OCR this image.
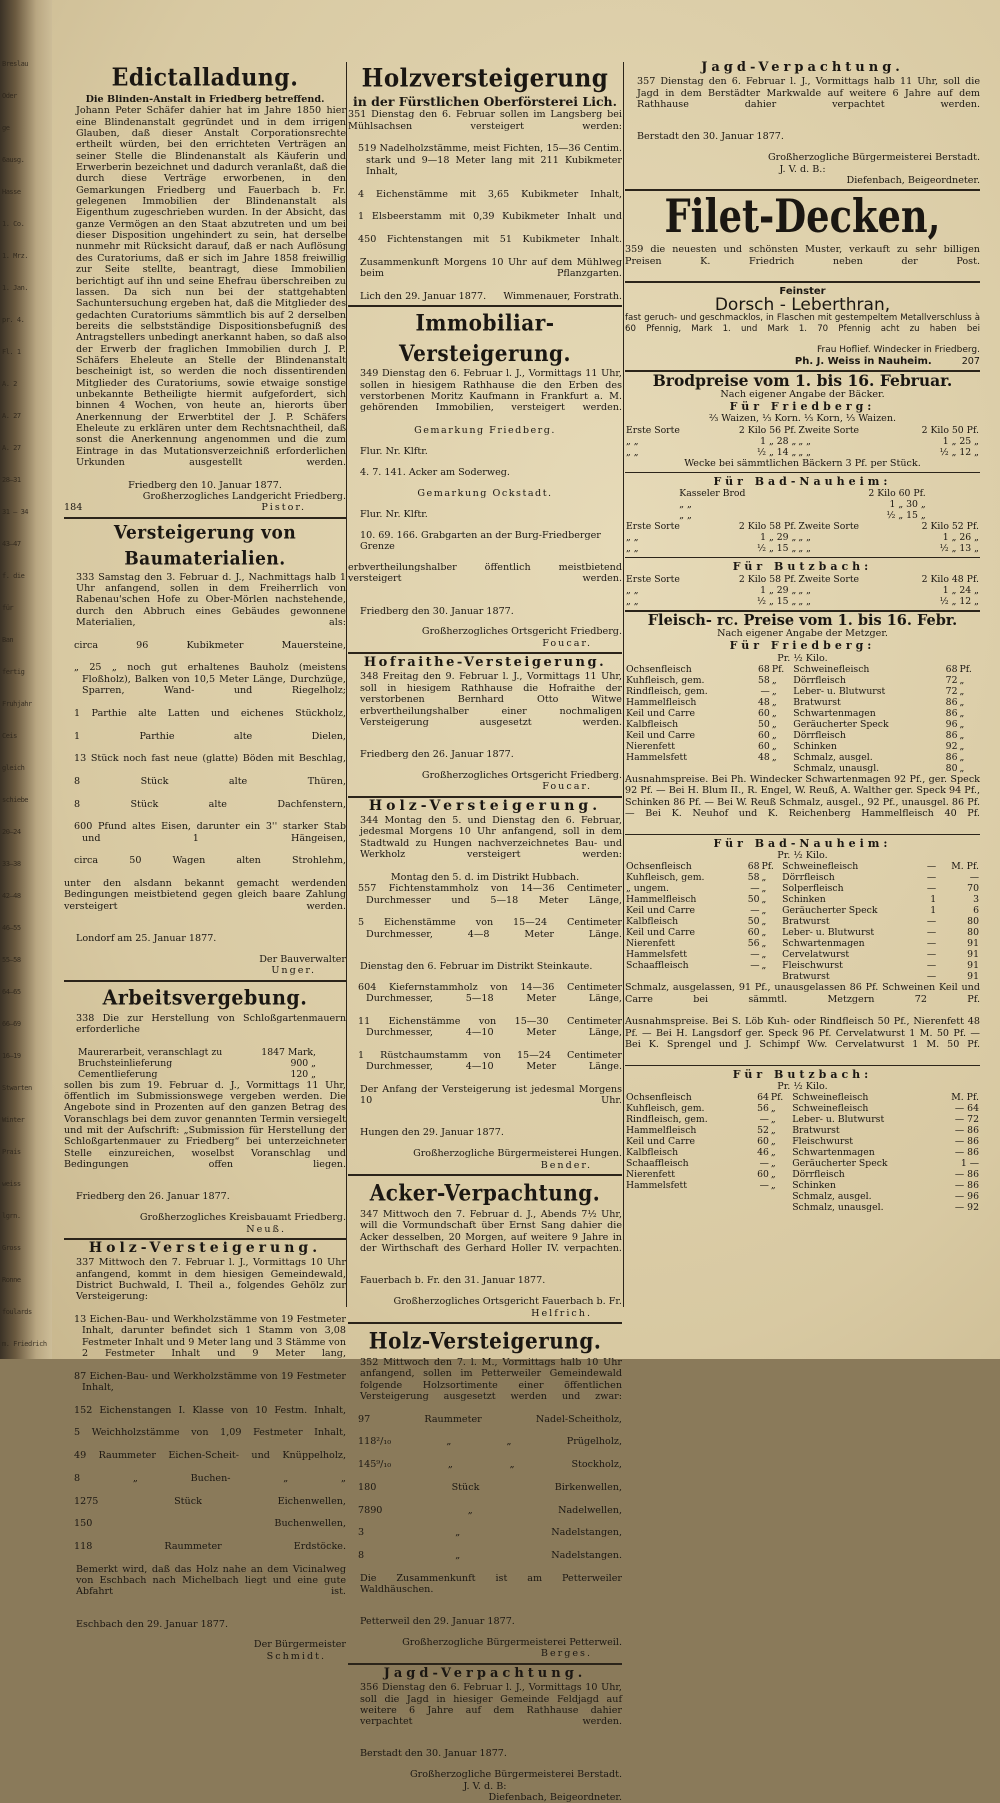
Breslau
Oder
ge
6ausg.
Hasse
1. Co.
1. Mrz.
1. Jan.
pr. 4.
Fl. 1
A. 2
A. 27
A. 27
28—31
31 — 34
43—47
f. die
für
Ban
fertig
Fruhjahr
Ceis
gleich
schiebe
20—24
33—38
42—48
46—55
55—58
64—65
66—69
16—19
Stwarten
Winter
Prais
weiss
lgrn.
Gross
Ronne
foulards
m. Friedrich
Edictalladung.

Die Blinden-Anstalt in Friedberg betreffend.

Johann Peter Schäfer dahier hat im Jahre 1850 hier eine Blindenanstalt gegründet und in dem irrigen Glauben, daß dieser Anstalt Corporationsrechte ertheilt würden, bei den errichteten Verträgen an seiner Stelle die Blindenanstalt als Käuferin und Erwerberin bezeichnet und dadurch veranlaßt, daß die durch diese Verträge erworbenen, in den Gemarkungen Friedberg und Fauerbach b. Fr. gelegenen Immobilien der Blindenanstalt als Eigenthum zugeschrieben wurden. In der Absicht, das ganze Vermögen an den Staat abzutreten und um bei dieser Disposition ungehindert zu sein, hat derselbe nunmehr mit Rücksicht darauf, daß er nach Auflösung des Curatoriums, daß er sich im Jahre 1858 freiwillig zur Seite stellte, beantragt, diese Immobilien berichtigt auf ihn und seine Ehefrau überschreiben zu lassen. Da sich nun bei der stattgehabten Sachuntersuchung ergeben hat, daß die Mitglieder des gedachten Curatoriums sämmtlich bis auf 2 derselben bereits die selbstständige Dispositionsbefugniß des Antragstellers unbedingt anerkannt haben, so daß also der Erwerb der fraglichen Immobilien durch J. P. Schäfers Eheleute an Stelle der Blindenanstalt bescheinigt ist, so werden die noch dissentirenden Mitglieder des Curatoriums, sowie etwaige sonstige unbekannte Betheiligte hiermit aufgefordert, sich binnen 4 Wochen, von heute an, hierorts über Anerkennung der Erwerbtitel der J. P. Schäfers Eheleute zu erklären unter dem Rechtsnachtheil, daß sonst die Anerkennung angenommen und die zum Eintrage in das Mutationsverzeichniß erforderlichen Urkunden ausgestellt werden.

Friedberg den 10. Januar 1877.

Großherzogliches Landgericht Friedberg.

184	Pistor.
Versteigerung von Baumaterialien.

333 Samstag den 3. Februar d. J., Nachmittags halb 1 Uhr anfangend, sollen in dem Freiherrlich von Rabenau'schen Hofe zu Ober-Mörlen nachstehende, durch den Abbruch eines Gebäudes gewonnene Materialien, als:

circa 96 Kubikmeter Mauersteine,

„ 25 „ noch gut erhaltenes Bauholz (meistens Floßholz), Balken von 10,5 Meter Länge, Durchzüge, Sparren, Wand- und Riegelholz;

1 Parthie alte Latten und eichenes Stückholz,

1 Parthie alte Dielen,

13 Stück noch fast neue (glatte) Böden mit Beschlag,

8 Stück alte Thüren,

8 Stück alte Dachfenstern,

600 Pfund altes Eisen, darunter ein 3'' starker Stab und 1 Hängeisen,

circa 50 Wagen alten Strohlehm,

unter den alsdann bekannt gemacht werdenden Bedingungen meistbietend gegen gleich baare Zahlung versteigert werden.

Londorf am 25. Januar 1877.

Der Bauverwalter

Unger.

Arbeitsvergebung.

338 Die zur Herstellung von Schloßgartenmauern erforderliche

Maurerarbeit, veranschlagt zu	1847 Mark,
Bruchsteinlieferung	900 „
Cementlieferung	120 „

sollen bis zum 19. Februar d. J., Vormittags 11 Uhr, öffentlich im Submissionswege vergeben werden. Die Angebote sind in Prozenten auf den ganzen Betrag des Voranschlags bei dem zuvor genannten Termin versiegelt und mit der Aufschrift: „Submission für Herstellung der Schloßgartenmauer zu Friedberg“ bei unterzeichneter Stelle einzureichen, woselbst Voranschlag und Bedingungen offen liegen.

Friedberg den 26. Januar 1877.

Großherzogliches Kreisbauamt Friedberg.

Neuß.

Holz-Versteigerung.

337 Mittwoch den 7. Februar l. J., Vormittags 10 Uhr anfangend, kommt in dem hiesigen Gemeindewald, District Buchwald, I. Theil a., folgendes Gehölz zur Versteigerung:

13 Eichen-Bau- und Werkholzstämme von 19 Festmeter Inhalt, darunter befindet sich 1 Stamm von 3,08 Festmeter Inhalt und 9 Meter lang und 3 Stämme von 2 Festmeter Inhalt und 9 Meter lang,

87 Eichen-Bau- und Werkholzstämme von 19 Festmeter Inhalt,

152 Eichenstangen I. Klasse von 10 Festm. Inhalt,

5 Weichholzstämme von 1,09 Festmeter Inhalt,

49 Raummeter Eichen-Scheit- und Knüppelholz,

8 „ Buchen- „ „

1275 Stück Eichenwellen,

150 Buchenwellen,

118 Raummeter Erdstöcke.

Bemerkt wird, daß das Holz nahe an dem Vicinalweg von Eschbach nach Michelbach liegt und eine gute Abfahrt ist.

Eschbach den 29. Januar 1877.

Der Bürgermeister

Schmidt.

Holzversteigerung
in der Fürstlichen Oberförsterei Lich.

351 Dienstag den 6. Februar sollen im Langsberg bei Mühlsachsen versteigert werden:

519 Nadelholzstämme, meist Fichten, 15—36 Centim. stark und 9—18 Meter lang mit 211 Kubikmeter Inhalt,

4 Eichenstämme mit 3,65 Kubikmeter Inhalt,

1 Elsbeerstamm mit 0,39 Kubikmeter Inhalt und

450 Fichtenstangen mit 51 Kubikmeter Inhalt.

Zusammenkunft Morgens 10 Uhr auf dem Mühlweg beim Pflanzgarten.

Lich den 29. Januar 1877. Wimmenauer, Forstrath.
Immobiliar-Versteigerung.

349 Dienstag den 6. Februar l. J., Vormittags 11 Uhr, sollen in hiesigem Rathhause die den Erben des verstorbenen Moritz Kaufmann in Frankfurt a. M. gehörenden Immobilien, versteigert werden.

Gemarkung Friedberg.

Flur. Nr. Klftr.

4. 7. 141. Acker am Soderweg.

Gemarkung Ockstadt.

Flur. Nr. Klftr.

10. 69. 166. Grabgarten an der Burg-Friedberger Grenze

erbvertheilungshalber öffentlich meistbietend versteigert werden.

Friedberg den 30. Januar 1877.

Großherzogliches Ortsgericht Friedberg.

Foucar.

Hofraithe-Versteigerung.

348 Freitag den 9. Februar l. J., Vormittags 11 Uhr, soll in hiesigem Rathhause die Hofraithe der verstorbenen Bernhard Otto Witwe erbvertheilungshalber einer nochmaligen Versteigerung ausgesetzt werden.

Friedberg den 26. Januar 1877.

Großherzogliches Ortsgericht Friedberg.

Foucar.

Holz-Versteigerung.

344 Montag den 5. und Dienstag den 6. Februar, jedesmal Morgens 10 Uhr anfangend, soll in dem Stadtwald zu Hungen nachverzeichnetes Bau- und Werkholz versteigert werden:

Montag den 5. d. im Distrikt Hubbach.

557 Fichtenstammholz von 14—36 Centimeter Durchmesser und 5—18 Meter Länge,

5 Eichenstämme von 15—24 Centimeter Durchmesser, 4—8 Meter Länge.

Dienstag den 6. Februar im Distrikt Steinkaute.

604 Kiefernstammholz von 14—36 Centimeter Durchmesser, 5—18 Meter Länge,

11 Eichenstämme von 15—30 Centimeter Durchmesser, 4—10 Meter Länge,

1 Rüstchaumstamm von 15—24 Centimeter Durchmesser, 4—10 Meter Länge.

Der Anfang der Versteigerung ist jedesmal Morgens 10 Uhr.

Hungen den 29. Januar 1877.

Großherzogliche Bürgermeisterei Hungen.

Bender.

Acker-Verpachtung.

347 Mittwoch den 7. Februar d. J., Abends 7½ Uhr, will die Vormundschaft über Ernst Sang dahier die Acker desselben, 20 Morgen, auf weitere 9 Jahre in der Wirthschaft des Gerhard Holler IV. verpachten.

Fauerbach b. Fr. den 31. Januar 1877.

Großherzogliches Ortsgericht Fauerbach b. Fr.

Helfrich.

Holz-Versteigerung.

352 Mittwoch den 7. l. M., Vormittags halb 10 Uhr anfangend, sollen im Petterweiler Gemeindewald folgende Holzsortimente einer öffentlichen Versteigerung ausgesetzt werden und zwar:

97 Raummeter Nadel-Scheitholz,

118²/₁₀ „ „ Prügelholz,

145⁹/₁₀ „ „ Stockholz,

180 Stück Birkenwellen,

7890 „ Nadelwellen,

3 „ Nadelstangen,

8 „ Nadelstangen.

Die Zusammenkunft ist am Petterweiler Waldhäuschen.

Petterweil den 29. Januar 1877.

Großherzogliche Bürgermeisterei Petterweil.

Berges.

Jagd-Verpachtung.

356 Dienstag den 6. Februar l. J., Vormittags 10 Uhr, soll die Jagd in hiesiger Gemeinde Feldjagd auf weitere 6 Jahre auf dem Rathhause dahier verpachtet werden.

Berstadt den 30. Januar 1877.

Großherzogliche Bürgermeisterei Berstadt.

J. V. d. B:

Diefenbach, Beigeordneter.

Jagd-Verpachtung.

357 Dienstag den 6. Februar l. J., Vormittags halb 11 Uhr, soll die Jagd in dem Berstädter Markwalde auf weitere 6 Jahre auf dem Rathhause dahier verpachtet werden.

Berstadt den 30. Januar 1877.

Großherzogliche Bürgermeisterei Berstadt.

J. V. d. B.:

Diefenbach, Beigeordneter.

Filet-Decken,

359 die neuesten und schönsten Muster, verkauft zu sehr billigen Preisen K. Friedrich neben der Post.

Feinster

Dorsch - Leberthran,

fast geruch- und geschmacklos, in Flaschen mit gestempeltem Metallverschluss à 60 Pfennig, Mark 1. und Mark 1. 70 Pfennig acht zu haben bei

Frau Hoflief. Windecker in Friedberg.

Ph. J. Weiss in Nauheim.	207
Brodpreise vom 1. bis 16. Februar.

Nach eigener Angabe der Bäcker.

Für Friedberg:

⅔ Waizen, ⅓ Korn. ⅓ Korn, ⅓ Waizen.

Erste Sorte	2 Kilo 56 Pf.	Zweite Sorte	2 Kilo 50 Pf.
„ „	1 „ 28 „	„ „	1 „ 25 „
„ „	½ „ 14 „	„ „	½ „ 12 „

Wecke bei sämmtlichen Bäckern 3 Pf. per Stück.

Für Bad-Nauheim:
Kasseler Brod	2 Kilo 60 Pf.
„ „	1 „ 30 „
„ „	½ „ 15 „
Erste Sorte	2 Kilo 58 Pf.	Zweite Sorte	2 Kilo 52 Pf.
„ „	1 „ 29 „	„ „	1 „ 26 „
„ „	½ „ 15 „	„ „	½ „ 13 „
Für Butzbach:
Erste Sorte	2 Kilo 58 Pf.	Zweite Sorte	2 Kilo 48 Pf.
„ „	1 „ 29 „	„ „	1 „ 24 „
„ „	½ „ 15 „	„ „	½ „ 12 „
Fleisch- rc. Preise vom 1. bis 16. Febr.

Nach eigener Angabe der Metzger.

Für Friedberg:

Pr. ½ Kilo.

Ochsenfleisch	68	Pf.	Schweinefleisch	68	Pf.
Kuhfleisch, gem.	58	„	Dörrfleisch	72	„
Rindfleisch, gem.	—	„	Leber- u. Blutwurst	72	„
Hammelfleisch	48	„	Bratwurst	86	„
Keil und Carre	60	„	Schwartenmagen	86	„
Kalbfleisch	50	„	Geräucherter Speck	96	„
Keil und Carre	60	„	Dörrfleisch	86	„
Nierenfett	60	„	Schinken	92	„
Hammelsfett	48	„	Schmalz, ausgel.	86	„
			Schmalz, unausgl.	80	„

Ausnahmspreise. Bei Ph. Windecker Schwartenmagen 92 Pf., ger. Speck 92 Pf. — Bei H. Blum II., R. Engel, W. Reuß, A. Walther ger. Speck 94 Pf., Schinken 86 Pf. — Bei W. Reuß Schmalz, ausgel., 92 Pf., unausgel. 86 Pf. — Bei K. Neuhof und K. Reichenberg Hammelfleisch 40 Pf.

Für Bad-Nauheim:

Pr. ½ Kilo.

Ochsenfleisch	68	Pf.	Schweinefleisch	—	M. Pf.
Kuhfleisch, gem.	58	„	Dörrfleisch	—	—
„ ungem.	—	„	Solperfleisch	—	70
Hammelfleisch	50	„	Schinken	1	3
Keil und Carre	—	„	Geräucherter Speck	1	6
Kalbfleisch	50	„	Bratwurst	—	80
Keil und Carre	60	„	Leber- u. Blutwurst	—	80
Nierenfett	56	„	Schwartenmagen	—	91
Hammelsfett	—	„	Cervelatwurst	—	91
Schaaffleisch	—	„	Fleischwurst	—	91
			Bratwurst	—	91

Schmalz, ausgelassen, 91 Pf., unausgelassen 86 Pf. Schweinen Keil und Carre bei sämmtl. Metzgern 72 Pf.

Ausnahmspreise. Bei S. Löb Kuh- oder Rindfleisch 50 Pf., Nierenfett 48 Pf. — Bei H. Langsdorf ger. Speck 96 Pf. Cervelatwurst 1 M. 50 Pf. — Bei K. Sprengel und J. Schimpf Ww. Cervelatwurst 1 M. 50 Pf.

Für Butzbach:

Pr. ½ Kilo.

Ochsenfleisch	64	Pf.	Schweinefleisch	M. Pf.
Kuhfleisch, gem.	56	„	Schweinefleisch	— 64
Rindfleisch, gem.	—	„	Leber- u. Blutwurst	— 72
Hammelfleisch	52	„	Bratwurst	— 86
Keil und Carre	60	„	Fleischwurst	— 86
Kalbfleisch	46	„	Schwartenmagen	— 86
Schaaffleisch	—	„	Geräucherter Speck	1 —
Nierenfett	60	„	Dörrfleisch	— 86
Hammelsfett	—	„	Schinken	— 86
			Schmalz, ausgel.	— 96
			Schmalz, unausgel.	— 92
